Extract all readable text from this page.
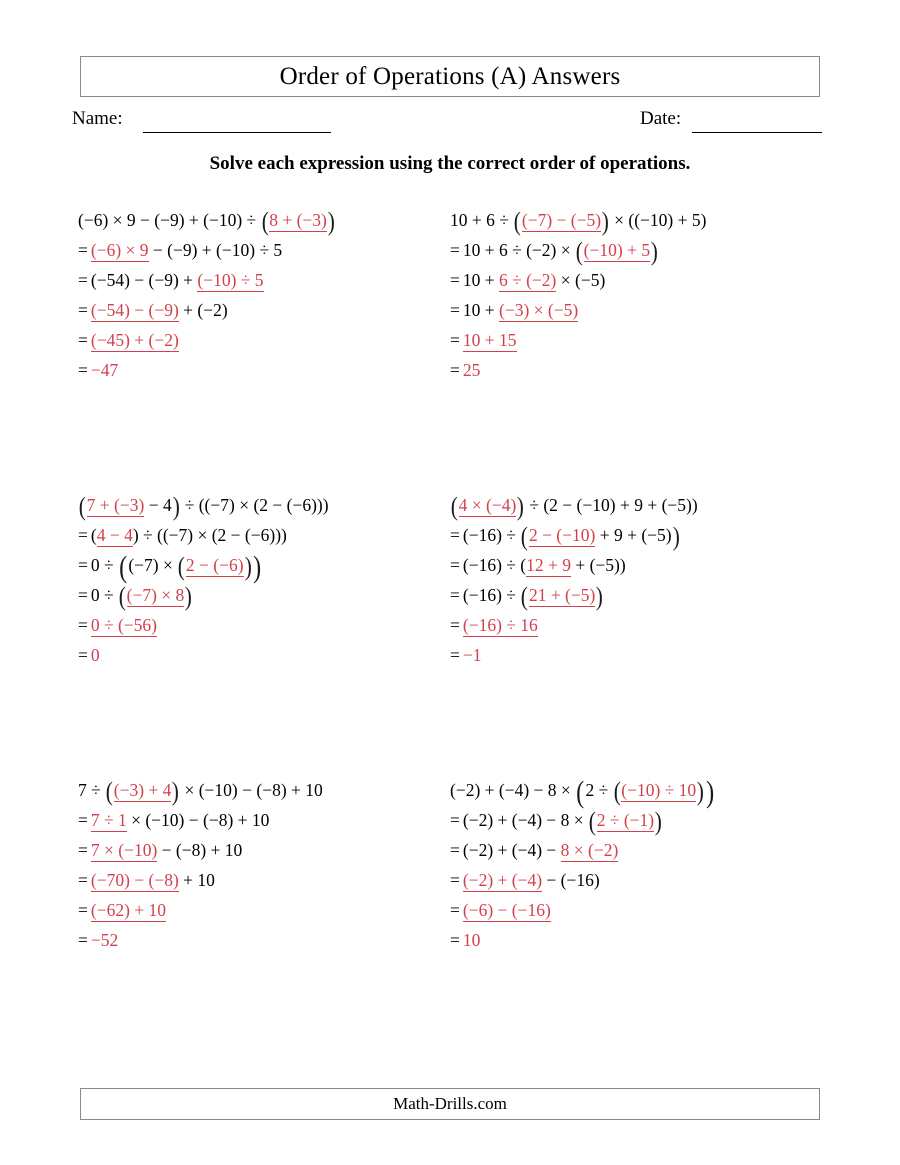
Order of Operations (A) Answers
Name:	Date:
Solve each expression using the correct order of operations.
(−6) × 9 − (−9) + (−10) ÷ (8 + (−3))
= (−6) × 9 − (−9) + (−10) ÷ 5
= (−54) − (−9) + (−10) ÷ 5
= (−54) − (−9) + (−2)
= (−45) + (−2)
= −47
10 + 6 ÷ ((−7) − (−5)) × ((−10) + 5)
= 10 + 6 ÷ (−2) × ((−10) + 5)
= 10 + 6 ÷ (−2) × (−5)
= 10 + (−3) × (−5)
= 10 + 15
= 25
(7 + (−3) − 4) ÷ ((−7) × (2 − (−6)))
= (4 − 4) ÷ ((−7) × (2 − (−6)))
= 0 ÷ ((−7) × (2 − (−6)))
= 0 ÷ ((−7) × 8)
= 0 ÷ (−56)
= 0
(4 × (−4)) ÷ (2 − (−10) + 9 + (−5))
= (−16) ÷ (2 − (−10) + 9 + (−5))
= (−16) ÷ (12 + 9 + (−5))
= (−16) ÷ (21 + (−5))
= (−16) ÷ 16
= −1
7 ÷ ((−3) + 4) × (−10) − (−8) + 10
= 7 ÷ 1 × (−10) − (−8) + 10
= 7 × (−10) − (−8) + 10
= (−70) − (−8) + 10
= (−62) + 10
= −52
(−2) + (−4) − 8 × (2 ÷ ((−10) ÷ 10))
= (−2) + (−4) − 8 × (2 ÷ (−1))
= (−2) + (−4) − 8 × (−2)
= (−2) + (−4) − (−16)
= (−6) − (−16)
= 10
Math-Drills.com
